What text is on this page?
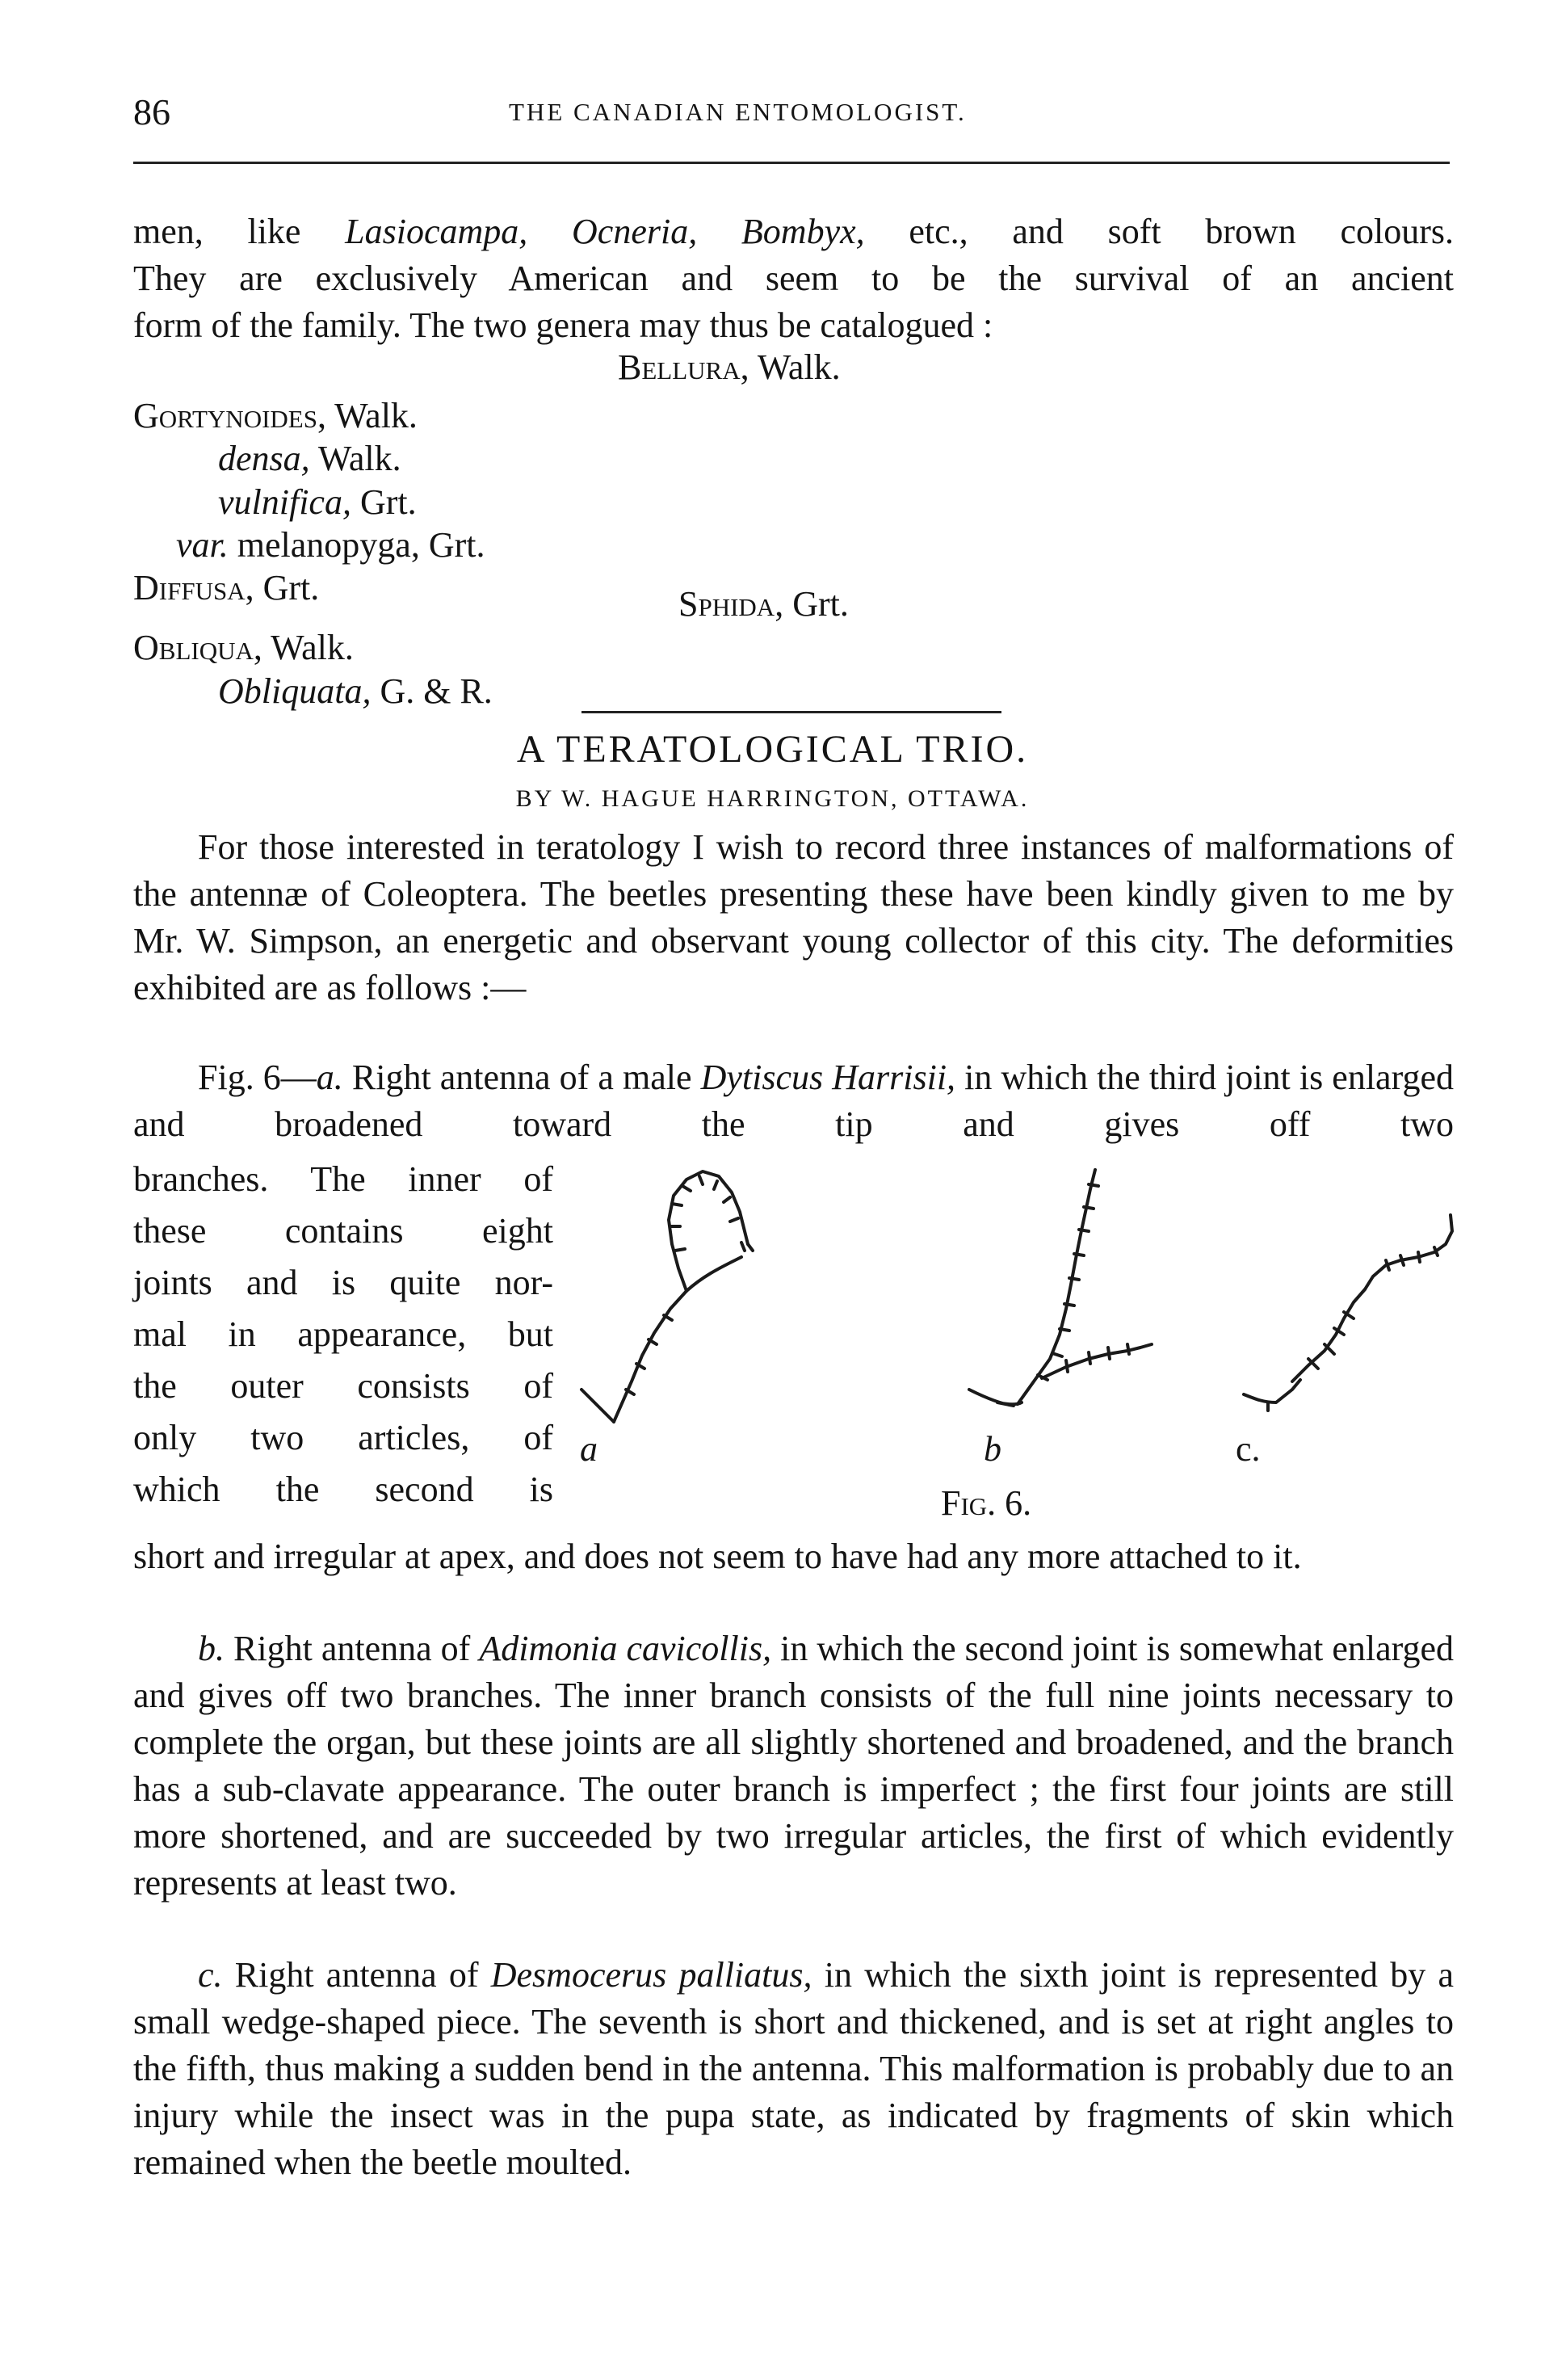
86	THE CANADIAN ENTOMOLOGIST.
men, like Lasiocampa, Ocneria, Bombyx, etc., and soft brown colours.
They are exclusively American and seem to be the survival of an ancient
form of the family. The two genera may thus be catalogued :
Bellura, Walk.
Gortynoides, Walk.
densa, Walk.
vulnifica, Grt.
var. melanopyga, Grt.
Diffusa, Grt.	Sphida, Grt.
Obliqua, Walk.
Obliquata, G. & R.
A TERATOLOGICAL TRIO.
BY W. HAGUE HARRINGTON, OTTAWA.
For those interested in teratology I wish to record three instances of malformations of the antennæ of Coleoptera. The beetles presenting these have been kindly given to me by Mr. W. Simpson, an energetic and observant young collector of this city. The deformities exhibited are as follows :—
Fig. 6—a. Right antenna of a male Dytiscus Harrisii, in which the third joint is enlarged and broadened toward the tip and gives off two
branches. The inner of
these contains eight
joints and is quite nor-
mal in appearance, but
the outer consists of
only two articles, of
which the second is
a	b	c.
Fig. 6.
short and irregular at apex, and does not seem to have had any more attached to it.
b. Right antenna of Adimonia cavicollis, in which the second joint is somewhat enlarged and gives off two branches. The inner branch consists of the full nine joints necessary to complete the organ, but these joints are all slightly shortened and broadened, and the branch has a sub-clavate appearance. The outer branch is imperfect ; the first four joints are still more shortened, and are succeeded by two irregular articles, the first of which evidently represents at least two.
c. Right antenna of Desmocerus palliatus, in which the sixth joint is represented by a small wedge-shaped piece. The seventh is short and thickened, and is set at right angles to the fifth, thus making a sudden bend in the antenna. This malformation is probably due to an injury while the insect was in the pupa state, as indicated by fragments of skin which remained when the beetle moulted.
